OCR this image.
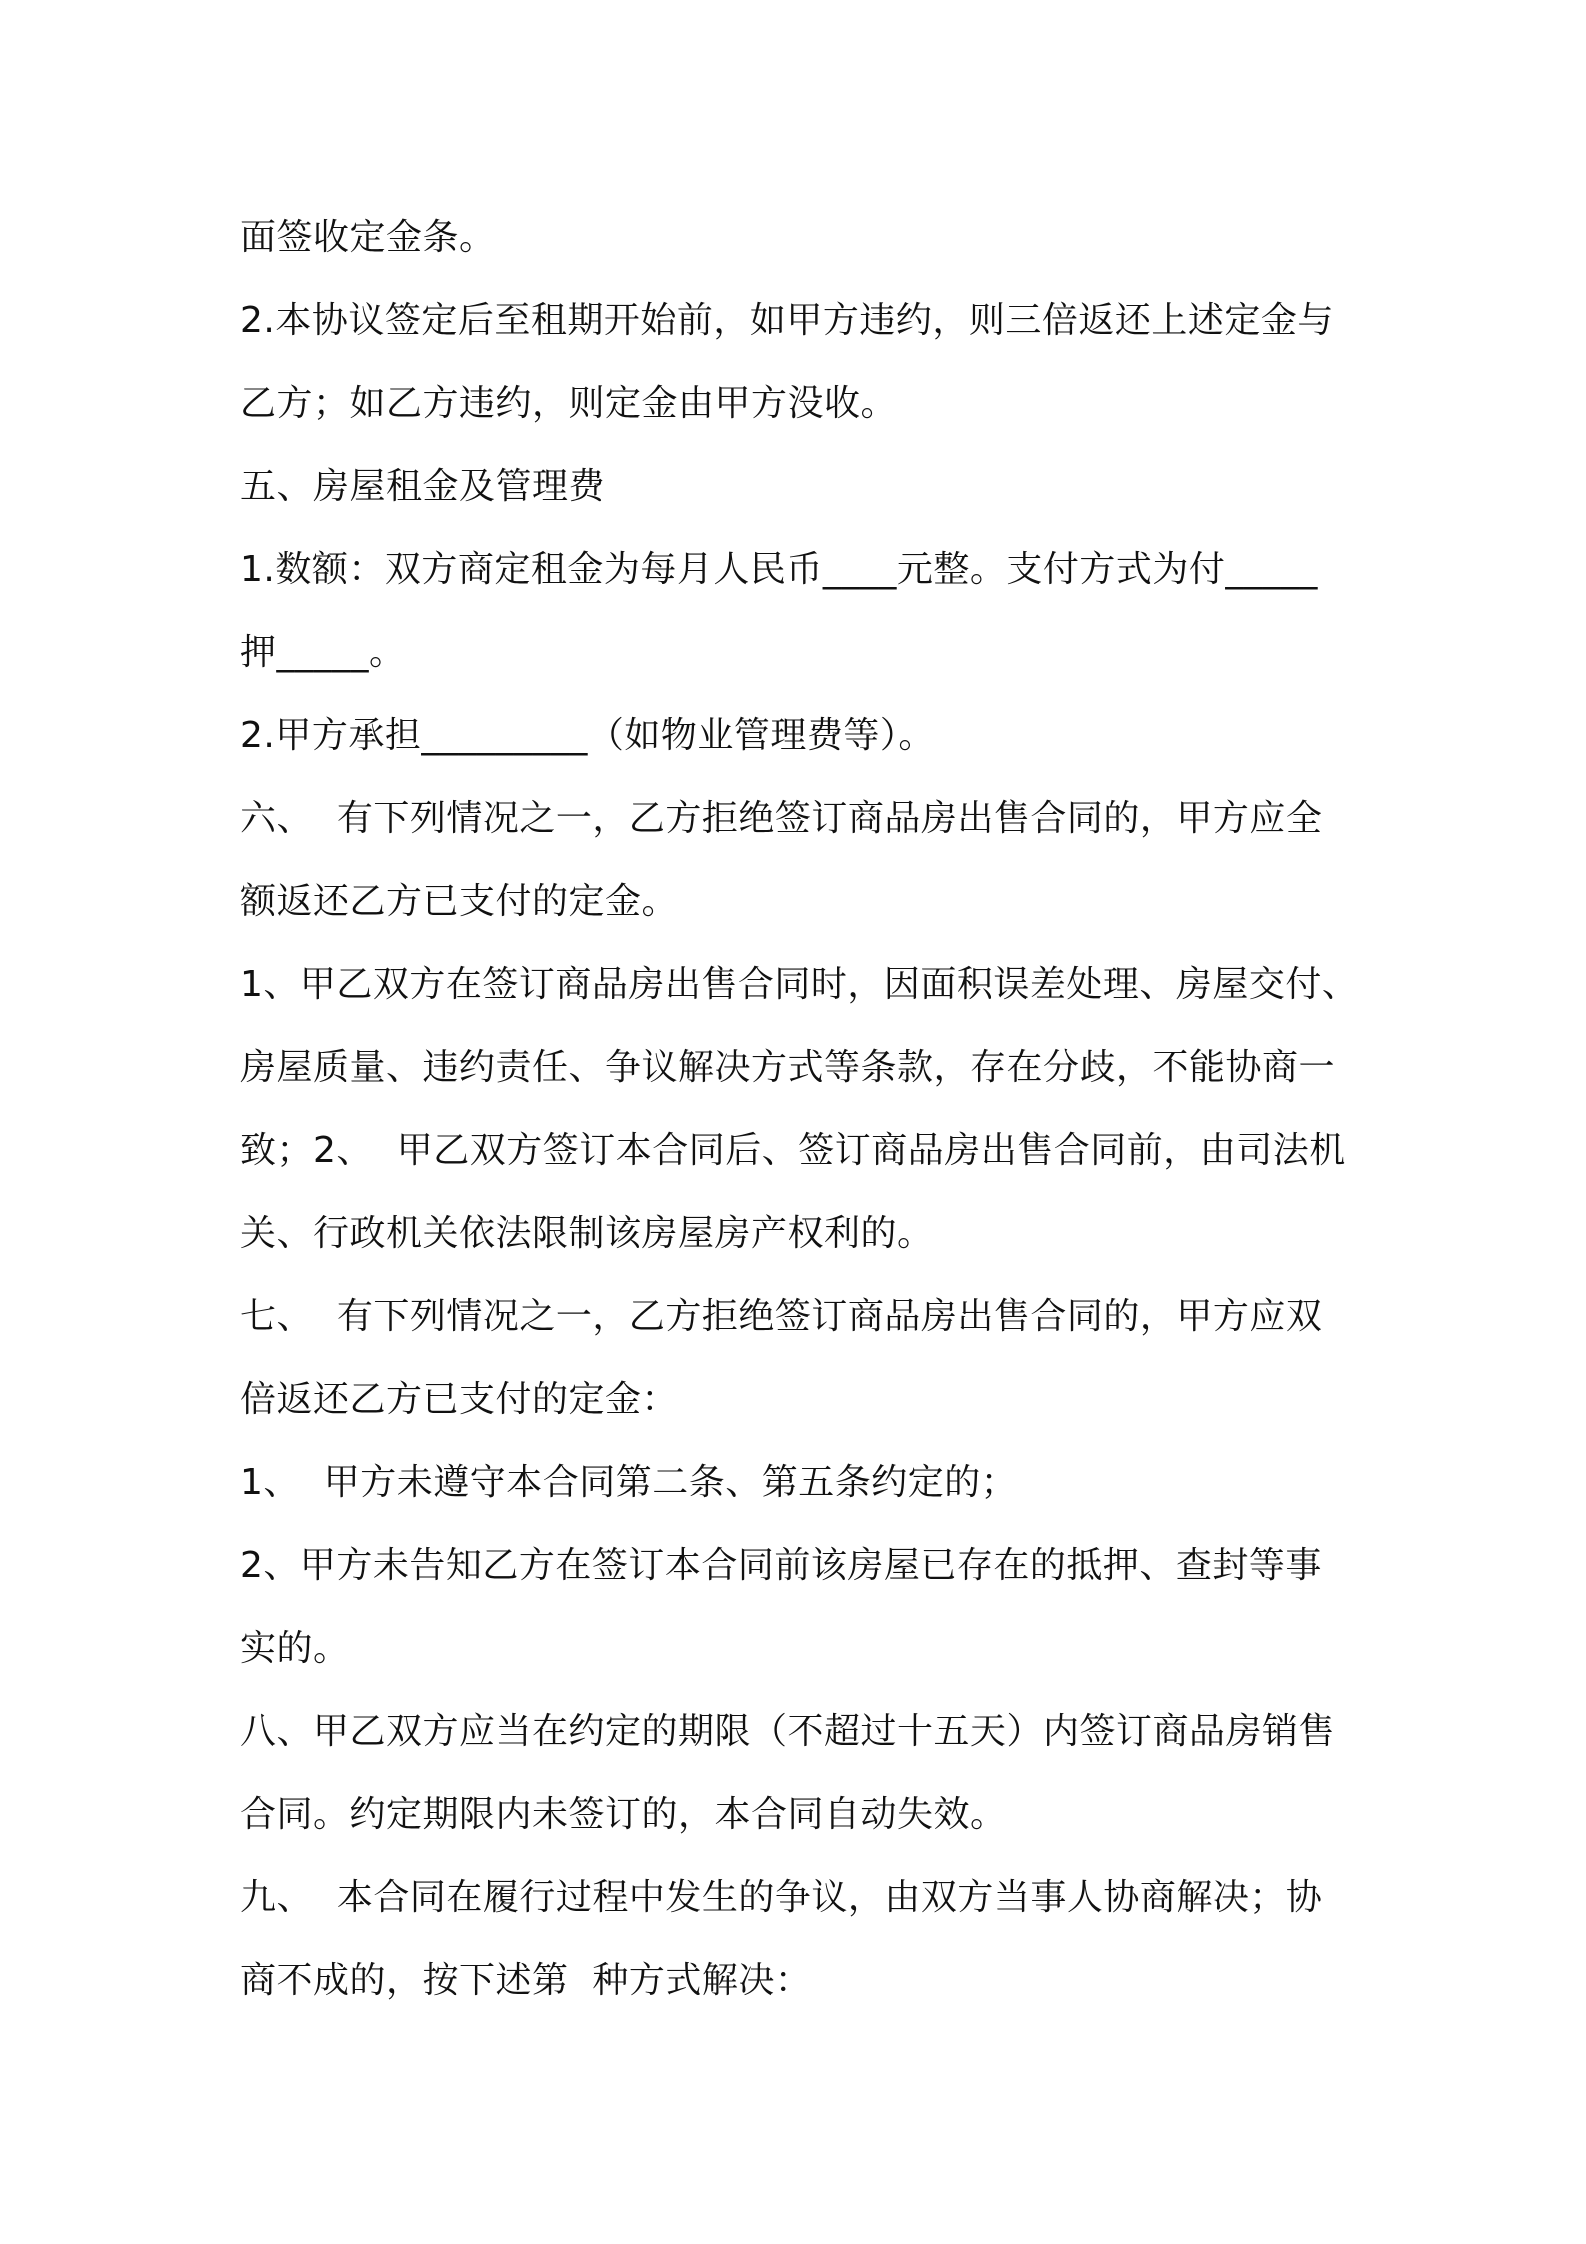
面签收定金条。
2.本协议签定后至租期开始前，如甲方违约，则三倍返还上述定金与
乙方；如乙方违约，则定金由甲方没收。
五、房屋租金及管理费
1.数额：双方商定租金为每月人民币____元整。支付方式为付_____
押_____。
2.甲方承担_________（如物业管理费等）。
六、  有下列情况之一，乙方拒绝签订商品房出售合同的，甲方应全
额返还乙方已支付的定金。
1、甲乙双方在签订商品房出售合同时，因面积误差处理、房屋交付、
房屋质量、违约责任、争议解决方式等条款，存在分歧，不能协商一
致；2、  甲乙双方签订本合同后、签订商品房出售合同前，由司法机
关、行政机关依法限制该房屋房产权利的。
七、  有下列情况之一，乙方拒绝签订商品房出售合同的，甲方应双
倍返还乙方已支付的定金：
1、  甲方未遵守本合同第二条、第五条约定的；
2、甲方未告知乙方在签订本合同前该房屋已存在的抵押、查封等事
实的。
八、甲乙双方应当在约定的期限（不超过十五天）内签订商品房销售
合同。约定期限内未签订的，本合同自动失效。
九、  本合同在履行过程中发生的争议，由双方当事人协商解决；协
商不成的，按下述第  种方式解决：
